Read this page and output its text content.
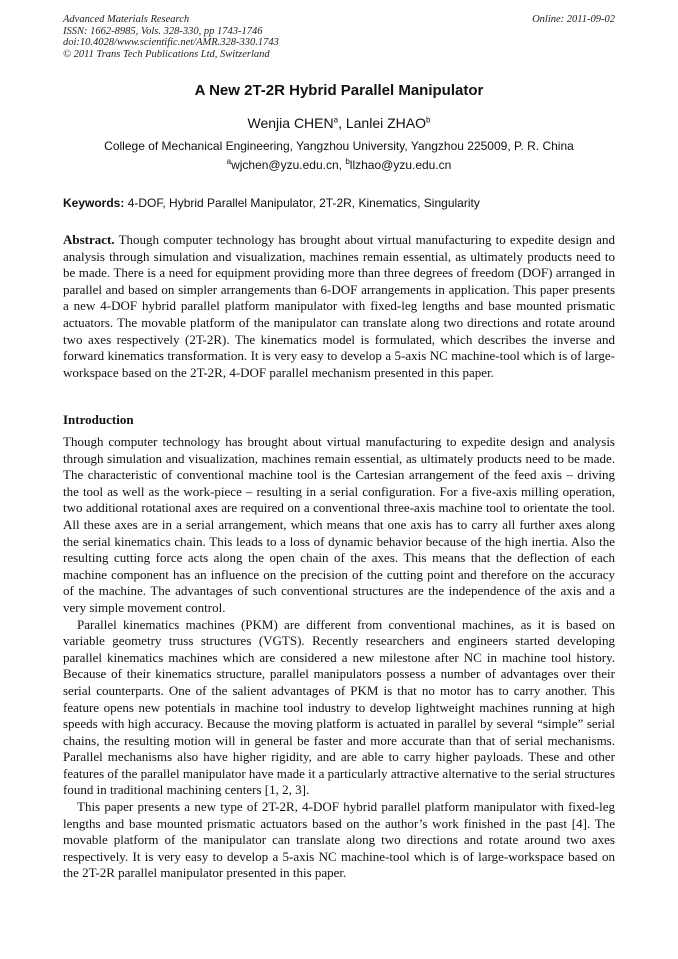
Advanced Materials Research
ISSN: 1662-8985, Vols. 328-330, pp 1743-1746
doi:10.4028/www.scientific.net/AMR.328-330.1743
© 2011 Trans Tech Publications Ltd, Switzerland
Online: 2011-09-02
A New 2T-2R Hybrid Parallel Manipulator
Wenjia CHEN$^a$, Lanlei ZHAO$^b$
College of Mechanical Engineering, Yangzhou University, Yangzhou 225009, P. R. China
$^a$wjchen@yzu.edu.cn, $^b$llzhao@yzu.edu.cn
Keywords: 4-DOF, Hybrid Parallel Manipulator, 2T-2R, Kinematics, Singularity
Abstract. Though computer technology has brought about virtual manufacturing to expedite design and analysis through simulation and visualization, machines remain essential, as ultimately products need to be made. There is a need for equipment providing more than three degrees of freedom (DOF) arranged in parallel and based on simpler arrangements than 6-DOF arrangements in application. This paper presents a new 4-DOF hybrid parallel platform manipulator with fixed-leg lengths and base mounted prismatic actuators. The movable platform of the manipulator can translate along two directions and rotate around two axes respectively (2T-2R). The kinematics model is formulated, which describes the inverse and forward kinematics transformation. It is very easy to develop a 5-axis NC machine-tool which is of large-workspace based on the 2T-2R, 4-DOF parallel mechanism presented in this paper.
Introduction

Though computer technology has brought about virtual manufacturing to expedite design and analysis through simulation and visualization, machines remain essential, as ultimately products need to be made. The characteristic of conventional machine tool is the Cartesian arrangement of the feed axis – driving the tool as well as the work-piece – resulting in a serial configuration. For a five-axis milling operation, two additional rotational axes are required on a conventional three-axis machine tool to orientate the tool. All these axes are in a serial arrangement, which means that one axis has to carry all further axes along the serial kinematics chain. This leads to a loss of dynamic behavior because of the high inertia. Also the resulting cutting force acts along the open chain of the axes. This means that the deflection of each machine component has an influence on the precision of the cutting point and therefore on the accuracy of the machine. The advantages of such conventional structures are the independence of the axis and a very simple movement control.

Parallel kinematics machines (PKM) are different from conventional machines, as it is based on variable geometry truss structures (VGTS). Recently researchers and engineers started developing parallel kinematics machines which are considered a new milestone after NC in machine tool history. Because of their kinematics structure, parallel manipulators possess a number of advantages over their serial counterparts. One of the salient advantages of PKM is that no motor has to carry another. This feature opens new potentials in machine tool industry to develop lightweight machines running at high speeds with high accuracy. Because the moving platform is actuated in parallel by several “simple” serial chains, the resulting motion will in general be faster and more accurate than that of serial mechanisms. Parallel mechanisms also have higher rigidity, and are able to carry higher payloads. These and other features of the parallel manipulator have made it a particularly attractive alternative to the serial structures found in traditional machining centers [1, 2, 3].

This paper presents a new type of 2T-2R, 4-DOF hybrid parallel platform manipulator with fixed-leg lengths and base mounted prismatic actuators based on the author’s work finished in the past [4]. The movable platform of the manipulator can translate along two directions and rotate around two axes respectively. It is very easy to develop a 5-axis NC machine-tool which is of large-workspace based on the 2T-2R parallel manipulator presented in this paper.
